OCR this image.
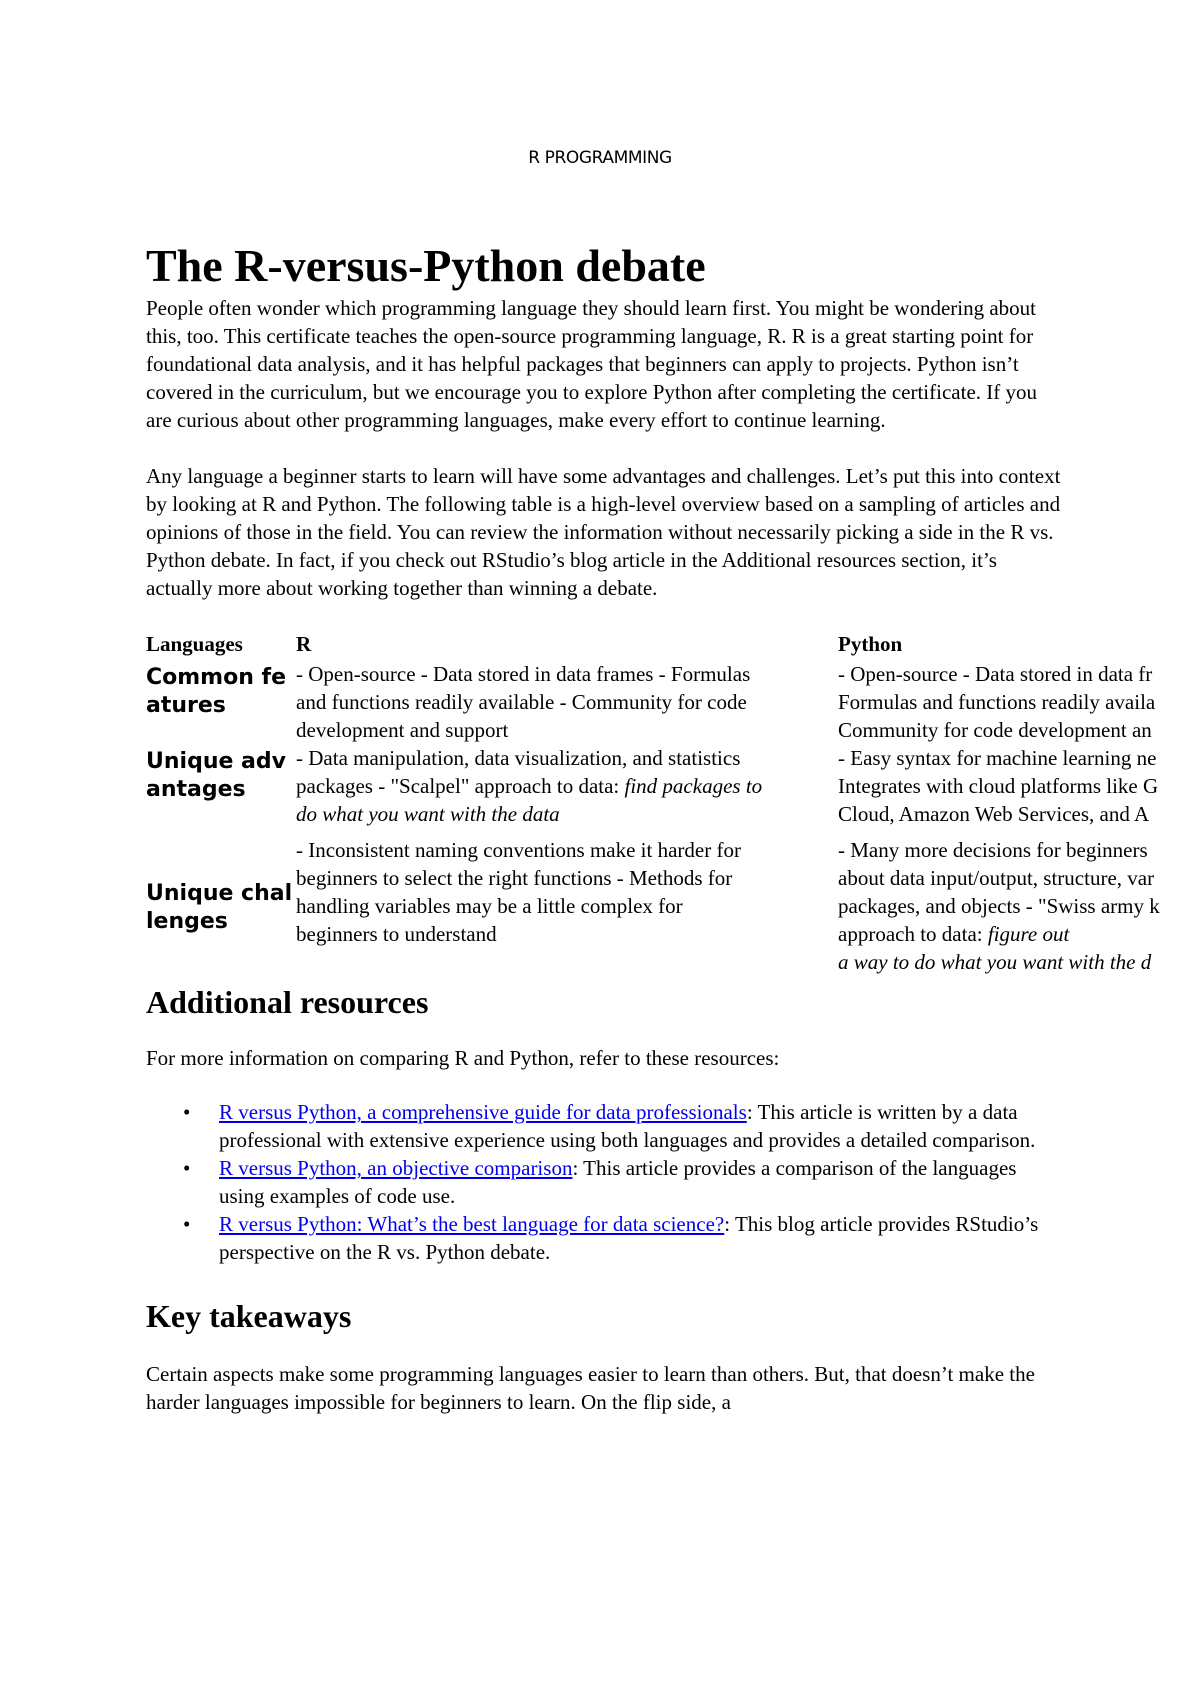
R PROGRAMMING
The R-versus-Python debate

People often wonder which programming language they should learn first. You might be wondering about this, too. This certificate teaches the open-source programming language, R. R is a great starting point for foundational data analysis, and it has helpful packages that beginners can apply to projects. Python isn’t covered in the curriculum, but we encourage you to explore Python after completing the certificate. If you are curious about other programming languages, make every effort to continue learning.

Any language a beginner starts to learn will have some advantages and challenges. Let’s put this into context by looking at R and Python. The following table is a high-level overview based on a sampling of articles and opinions of those in the field. You can review the information without necessarily picking a side in the R vs. Python debate. In fact, if you check out RStudio’s blog article in the Additional resources section, it’s actually more about working together than winning a debate.

Languages	R	Python

Common features	- Open-source - Data stored in data frames - Formulas
and functions readily available - Community for code
development and support	- Open-source - Data stored in data fr
Formulas and functions readily availa
Community for code development an

Unique advantages	- Data manipulation, data visualization, and statistics
packages - "Scalpel" approach to data: find packages to
do what you want with the data	- Easy syntax for machine learning ne
Integrates with cloud platforms like G
Cloud, Amazon Web Services, and A

Unique challenges	- Inconsistent naming conventions make it harder for
beginners to select the right functions - Methods for
handling variables may be a little complex for
beginners to understand	- Many more decisions for beginners
about data input/output, structure, var
packages, and objects - "Swiss army k
approach to data: figure out
a way to do what you want with the d
Additional resources

For more information on comparing R and Python, refer to these resources:

• R versus Python, a comprehensive guide for data professionals: This article is written by a data professional with extensive experience using both languages and provides a detailed comparison.
• R versus Python, an objective comparison: This article provides a comparison of the languages using examples of code use.
• R versus Python: What’s the best language for data science?: This blog article provides RStudio’s perspective on the R vs. Python debate.
Key takeaways

Certain aspects make some programming languages easier to learn than others. But, that doesn’t make the harder languages impossible for beginners to learn. On the flip side, a
